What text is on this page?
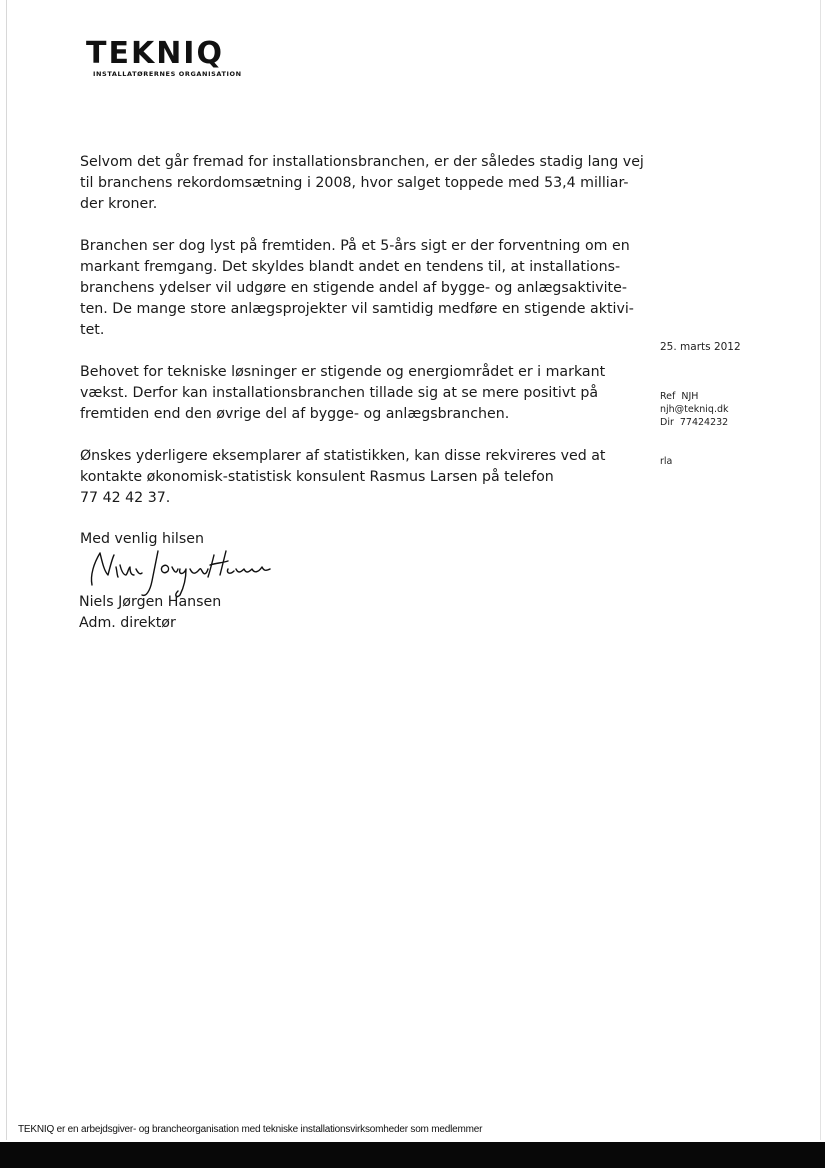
TEKNIQ
INSTALLATØRERNES ORGANISATION

Selvom det går fremad for installationsbranchen, er der således stadig lang vej
til branchens rekordomsætning i 2008, hvor salget toppede med 53,4 milliar-
der kroner.

Branchen ser dog lyst på fremtiden. På et 5-års sigt er der forventning om en
markant fremgang. Det skyldes blandt andet en tendens til, at installations-
branchens ydelser vil udgøre en stigende andel af bygge- og anlægsaktivite-
ten. De mange store anlægsprojekter vil samtidig medføre en stigende aktivi-
tet.

Behovet for tekniske løsninger er stigende og energiområdet er i markant
vækst. Derfor kan installationsbranchen tillade sig at se mere positivt på
fremtiden end den øvrige del af bygge- og anlægsbranchen.

Ønskes yderligere eksemplarer af statistikken, kan disse rekvireres ved at
kontakte økonomisk-statistisk konsulent Rasmus Larsen på telefon
77 42 42 37.

Med venlig hilsen
Niels Jørgen Hansen
Adm. direktør
25. marts 2012
Ref NJH
njh@tekniq.dk
Dir 77424232
rla
TEKNIQ er en arbejdsgiver- og brancheorganisation med tekniske installationsvirksomheder som medlemmer
